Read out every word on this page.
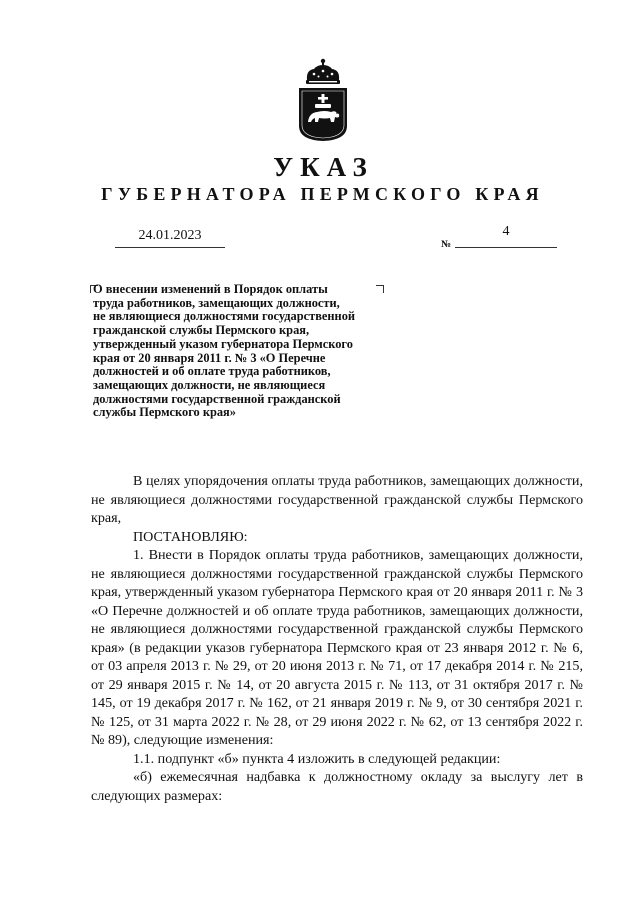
УКАЗ
ГУБЕРНАТОРА ПЕРМСКОГО КРАЯ
24.01.2023
№
4
О внесении изменений в Порядок оплаты
труда работников, замещающих должности,
не являющиеся должностями государственной
гражданской службы Пермского края,
утвержденный указом губернатора Пермского
края от 20 января 2011 г. № 3 «О Перечне
должностей и об оплате труда работников,
замещающих должности, не являющиеся
должностями государственной гражданской
службы Пермского края»

В целях упорядочения оплаты труда работников, замещающих должности, не являющиеся должностями государственной гражданской службы Пермского края,

ПОСТАНОВЛЯЮ:

1. Внести в Порядок оплаты труда работников, замещающих должности, не являющиеся должностями государственной гражданской службы Пермского края, утвержденный указом губернатора Пермского края от 20 января 2011 г. № 3 «О Перечне должностей и об оплате труда работников, замещающих должности, не являющиеся должностями государственной гражданской службы Пермского края» (в редакции указов губернатора Пермского края от 23 января 2012 г. № 6, от 03 апреля 2013 г. № 29, от 20 июня 2013 г. № 71, от 17 декабря 2014 г. № 215, от 29 января 2015 г. № 14, от 20 августа 2015 г. № 113, от 31 октября 2017 г. № 145, от 19 декабря 2017 г. № 162, от 21 января 2019 г. № 9, от 30 сентября 2021 г. № 125, от 31 марта 2022 г. № 28, от 29 июня 2022 г. № 62, от 13 сентября 2022 г. № 89), следующие изменения:

1.1. подпункт «б» пункта 4 изложить в следующей редакции:

«б) ежемесячная надбавка к должностному окладу за выслугу лет в следующих размерах:
